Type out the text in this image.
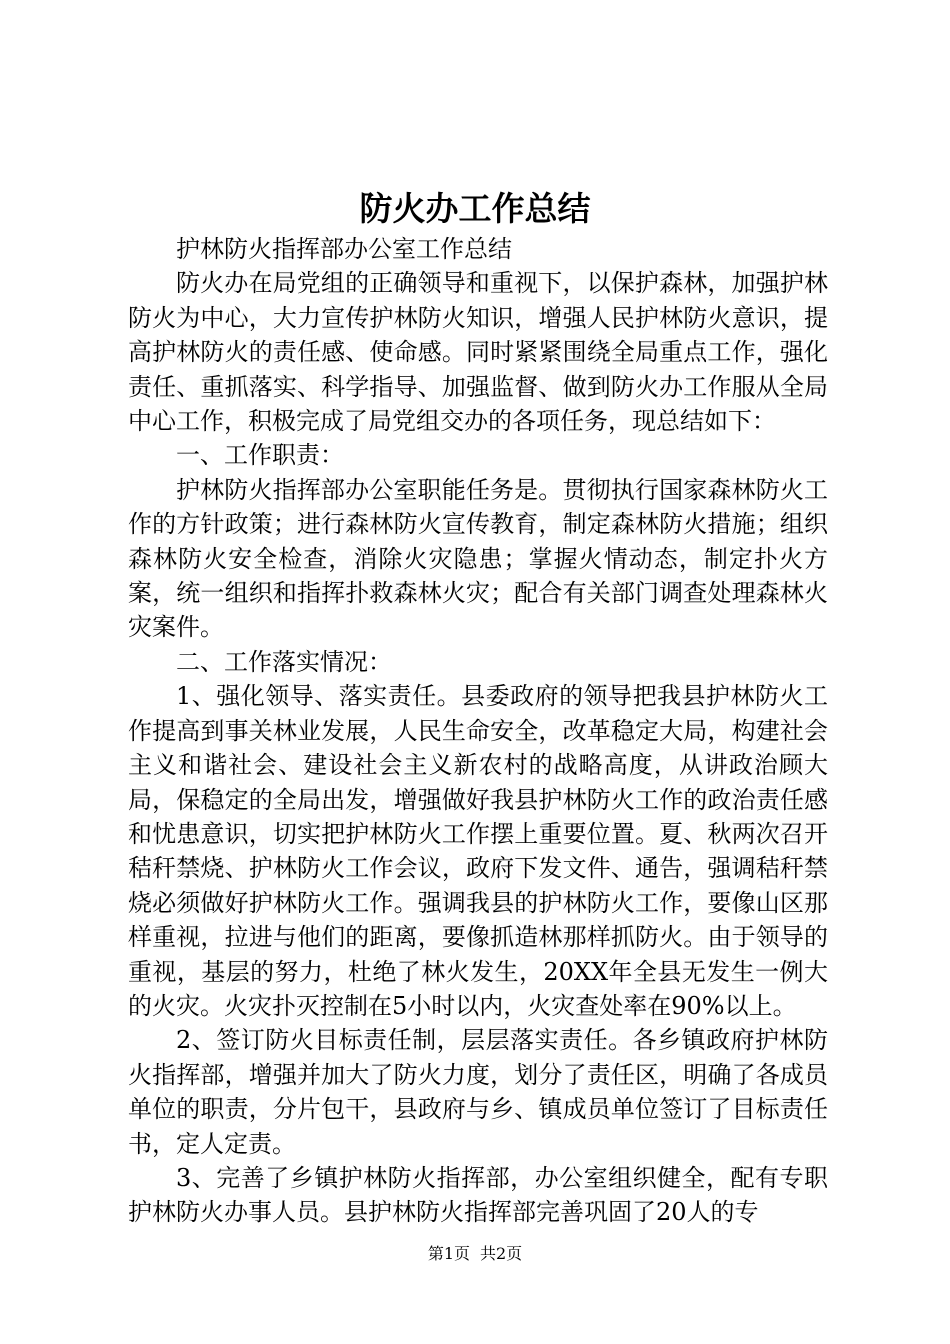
防火办工作总结

护林防火指挥部办公室工作总结

防火办在局党组的正确领导和重视下，以保护森林，加强护林防火为中心，大力宣传护林防火知识，增强人民护林防火意识，提高护林防火的责任感、使命感。同时紧紧围绕全局重点工作，强化责任、重抓落实、科学指导、加强监督、做到防火办工作服从全局中心工作，积极完成了局党组交办的各项任务，现总结如下：

一、工作职责：

护林防火指挥部办公室职能任务是。贯彻执行国家森林防火工作的方针政策；进行森林防火宣传教育，制定森林防火措施；组织森林防火安全检查，消除火灾隐患；掌握火情动态，制定扑火方案，统一组织和指挥扑救森林火灾；配合有关部门调查处理森林火灾案件。

二、工作落实情况：

1、强化领导、落实责任。县委政府的领导把我县护林防火工作提高到事关林业发展，人民生命安全，改革稳定大局，构建社会主义和谐社会、建设社会主义新农村的战略高度，从讲政治顾大局，保稳定的全局出发，增强做好我县护林防火工作的政治责任感和忧患意识，切实把护林防火工作摆上重要位置。夏、秋两次召开秸秆禁烧、护林防火工作会议，政府下发文件、通告，强调秸秆禁烧必须做好护林防火工作。强调我县的护林防火工作，要像山区那样重视，拉进与他们的距离，要像抓造林那样抓防火。由于领导的重视，基层的努力，杜绝了林火发生，20XX年全县无发生一例大的火灾。火灾扑灭控制在5小时以内，火灾查处率在90%以上。

2、签订防火目标责任制，层层落实责任。各乡镇政府护林防火指挥部，增强并加大了防火力度，划分了责任区，明确了各成员单位的职责，分片包干，县政府与乡、镇成员单位签订了目标责任书，定人定责。

3、完善了乡镇护林防火指挥部，办公室组织健全，配有专职护林防火办事人员。县护林防火指挥部完善巩固了20人的专

第1页 共2页
